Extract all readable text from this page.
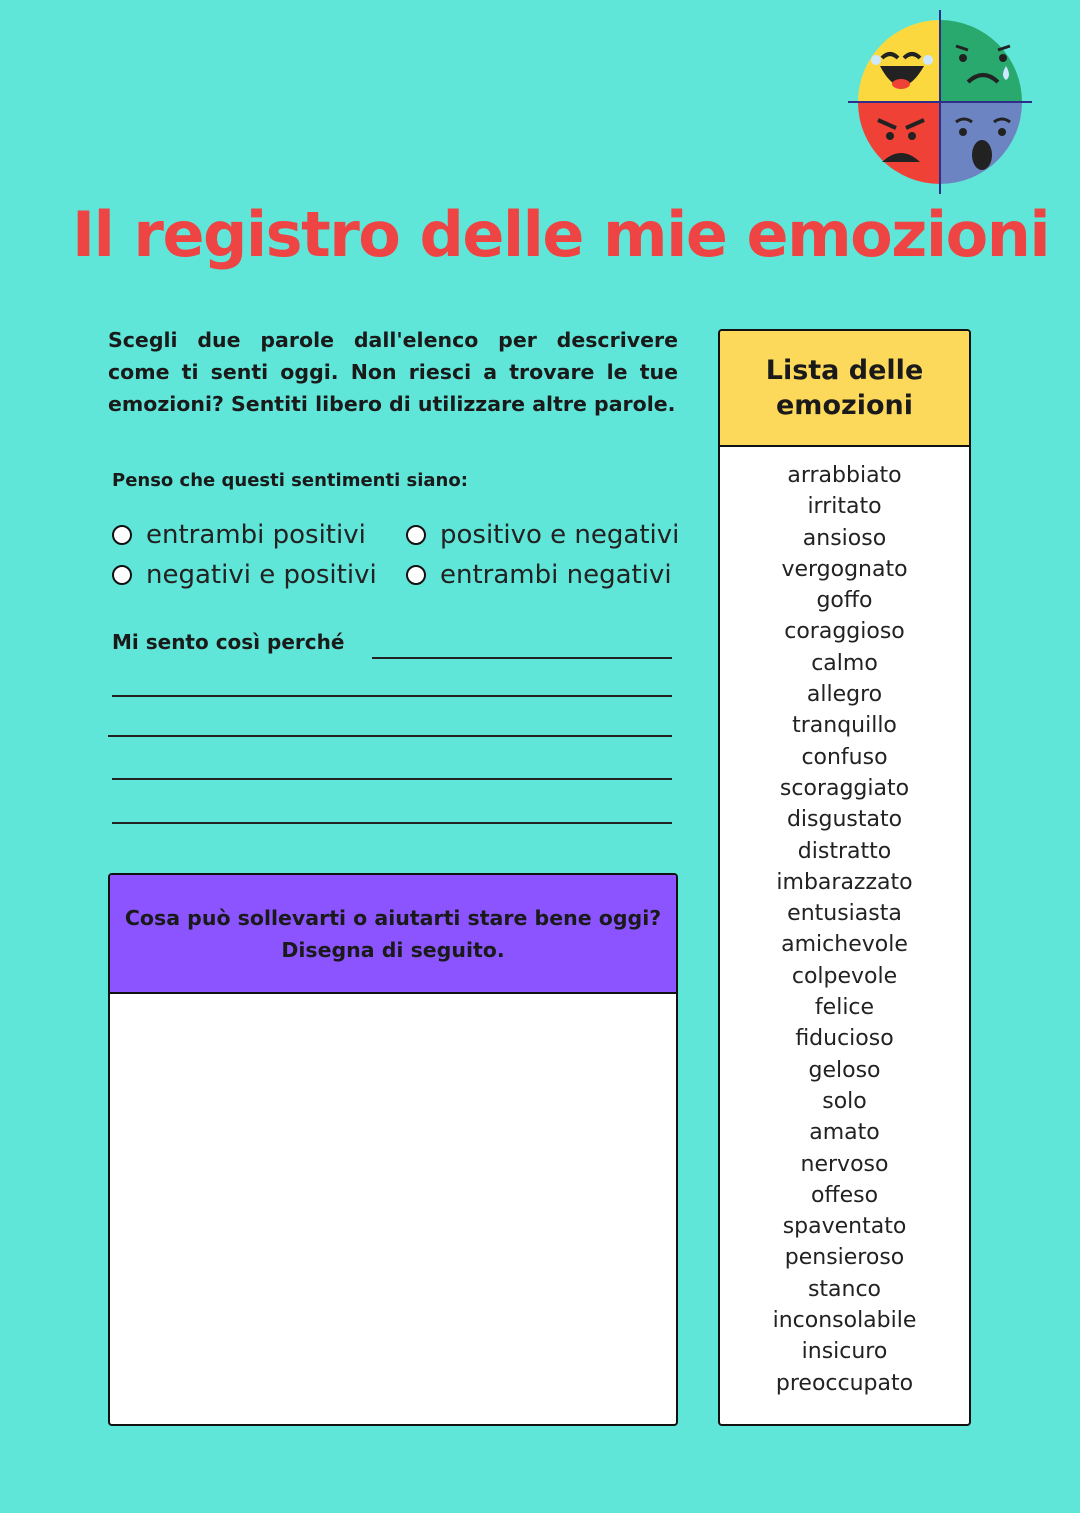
Il registro delle mie emozioni

Scegli due parole dall'elenco per descrivere come ti senti oggi. Non riesci a trovare le tue emozioni? Sentiti libero di utilizzare altre parole.

Penso che questi sentimenti siano:
entrambi positivi	positivo e negativi
negativi e positivi entrambi negativi
Mi sento così perché
Cosa può sollevarti o aiutarti stare bene oggi?
Disegna di seguito.
Lista delle
emozioni
arrabbiato
irritato
ansioso
vergognato
goffo
coraggioso
calmo
allegro
tranquillo
confuso
scoraggiato
disgustato
distratto
imbarazzato
entusiasta
amichevole
colpevole
felice
fiducioso
geloso
solo
amato
nervoso
offeso
spaventato
pensieroso
stanco
inconsolabile
insicuro
preoccupato
